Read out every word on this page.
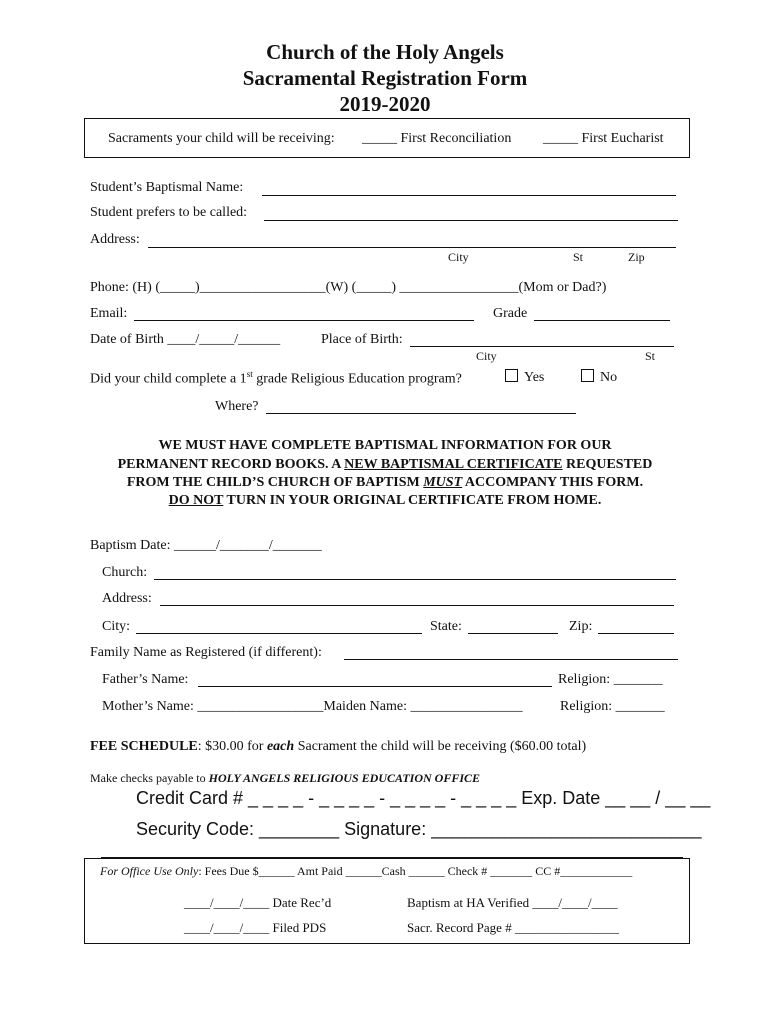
Church of the Holy Angels
Sacramental Registration Form
2019-2020
Sacraments your child will be receiving: _____ First Reconciliation _____ First Eucharist
Student’s Baptismal Name:
Student prefers to be called:
Address:
City	St	Zip
Phone: (H) (_____)__________________(W) (_____) _________________(Mom or Dad?)
Email:	Grade
Date of Birth ____/_____/______	Place of Birth:
City	St
Did your child complete a 1st grade Religious Education program?	Yes	No
Where?
WE MUST HAVE COMPLETE BAPTISMAL INFORMATION FOR OUR
PERMANENT RECORD BOOKS. A NEW BAPTISMAL CERTIFICATE REQUESTED
FROM THE CHILD’S CHURCH OF BAPTISM MUST ACCOMPANY THIS FORM.
DO NOT TURN IN YOUR ORIGINAL CERTIFICATE FROM HOME.
Baptism Date: ______/_______/_______
Church:
Address:
City:	State:	Zip:
Family Name as Registered (if different):
Father’s Name:	Religion: _______
Mother’s Name: __________________Maiden Name: ________________	Religion: _______
FEE SCHEDULE: $30.00 for each Sacrament the child will be receiving ($60.00 total)
Make checks payable to HOLY ANGELS RELIGIOUS EDUCATION OFFICE
Credit Card # _ _ _ _ - _ _ _ _ - _ _ _ _ - _ _ _ _ Exp. Date __ __ / __ __
Security Code: ________ Signature: ___________________________
For Office Use Only: Fees Due $______ Amt Paid ______Cash ______ Check # _______ CC #____________
____/____/____ Date Rec’d	Baptism at HA Verified ____/____/____
____/____/____ Filed PDS	Sacr. Record Page # ________________
